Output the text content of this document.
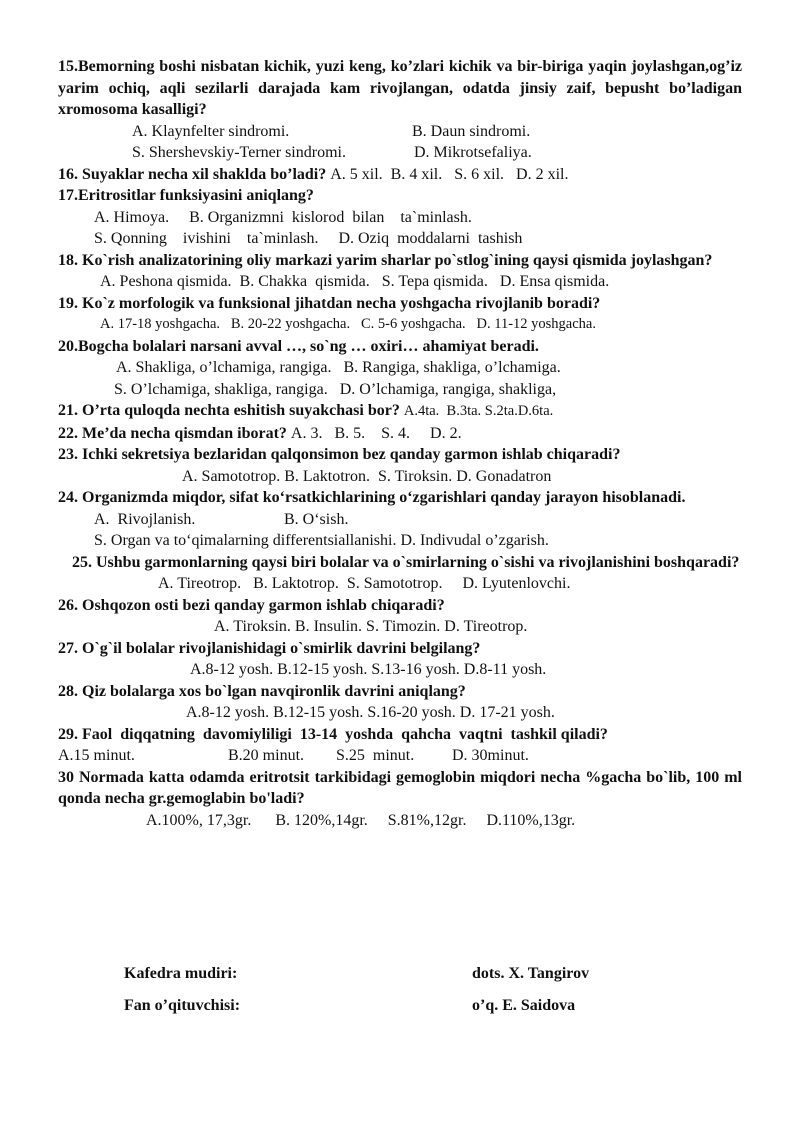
15.Bemorning boshi nisbatan kichik, yuzi keng, ko’zlari kichik va bir-biriga yaqin joylashgan,og’iz yarim ochiq, aqli sezilarli darajada kam rivojlangan, odatda jinsiy zaif, bepusht bo’ladigan xromosoma kasalligi?
A. Klaynfelter sindromi.	B. Daun sindromi.
S. Shershevskiy-Terner sindromi.	D. Mikrotsefaliya.
16. Suyaklar necha xil shaklda bo’ladi? A. 5 xil.  B. 4 xil.   S. 6 xil.   D. 2 xil.
17.Eritrositlar funksiyasini aniqlang?
A. Himoya.     B. Organizmni  kislorod  bilan    ta`minlash.
S. Qonning    ivishini    ta`minlash.     D. Oziq  moddalarni  tashish
18. Ko`rish analizatorining oliy markazi yarim sharlar po`stlog`ining qaysi qismida joylashgan?
A. Peshona qismida.  B. Chakka  qismida.   S. Tepa qismida.   D. Ensa qismida.
19. Ko`z morfologik va funksional jihatdan necha yoshgacha rivojlanib boradi?
A. 17-18 yoshgacha.   B. 20-22 yoshgacha.   C. 5-6 yoshgacha.   D. 11-12 yoshgacha.
20.Bogcha bolalari narsani avval …, so`ng … oxiri… ahamiyat beradi.
A. Shakliga, o’lchamiga, rangiga.   B. Rangiga, shakliga, o’lchamiga.
S. O’lchamiga, shakliga, rangiga.   D. O’lchamiga, rangiga, shakliga,
21. O’rta quloqda nechta eshitish suyakchasi bor? A.4ta.  B.3ta. S.2ta.D.6ta.
22. Me’da necha qismdan iborat? A. 3.   B. 5.    S. 4.     D. 2.
23. Ichki sekretsiya bezlaridan qalqonsimon bez qanday garmon ishlab chiqaradi?
A. Samototrop. B. Laktotron.  S. Tiroksin. D. Gonadatron
24. Organizmda miqdor, sifat ko‘rsatkichlarining o‘zgarishlari qanday jarayon hisoblanadi.
A.  Rivojlanish.	B. O‘sish.
S. Organ va to‘qimalarning differentsiallanishi. D. Indivudal o’zgarish.
25. Ushbu garmonlarning qaysi biri bolalar va o`smirlarning o`sishi va rivojlanishini boshqaradi?
A. Tireotrop.   B. Laktotrop.  S. Samototrop.     D. Lyutenlovchi.
26. Oshqozon osti bezi qanday garmon ishlab chiqaradi?
A. Tiroksin. B. Insulin. S. Timozin. D. Tireotrop.
27. O`g`il bolalar rivojlanishidagi o`smirlik davrini belgilang?
A.8-12 yosh. B.12-15 yosh. S.13-16 yosh. D.8-11 yosh.
28. Qiz bolalarga xos bo`lgan navqironlik davrini aniqlang?
A.8-12 yosh. B.12-15 yosh. S.16-20 yosh. D. 17-21 yosh.
29. Faol  diqqatning  davomiyliligi  13-14  yoshda  qahcha  vaqtni  tashkil qiladi?
A.15 minut.	B.20 minut. S.25  minut. D. 30minut.
30 Normada katta odamda eritrotsit tarkibidagi gemoglobin miqdori necha %gacha bo`lib, 100 ml qonda necha gr.gemoglabin bo'ladi?
A.100%, 17,3gr.      B. 120%,14gr.     S.81%,12gr.     D.110%,13gr.
Kafedra mudiri:	dots. X. Tangirov
Fan o’qituvchisi:	o’q. E. Saidova
